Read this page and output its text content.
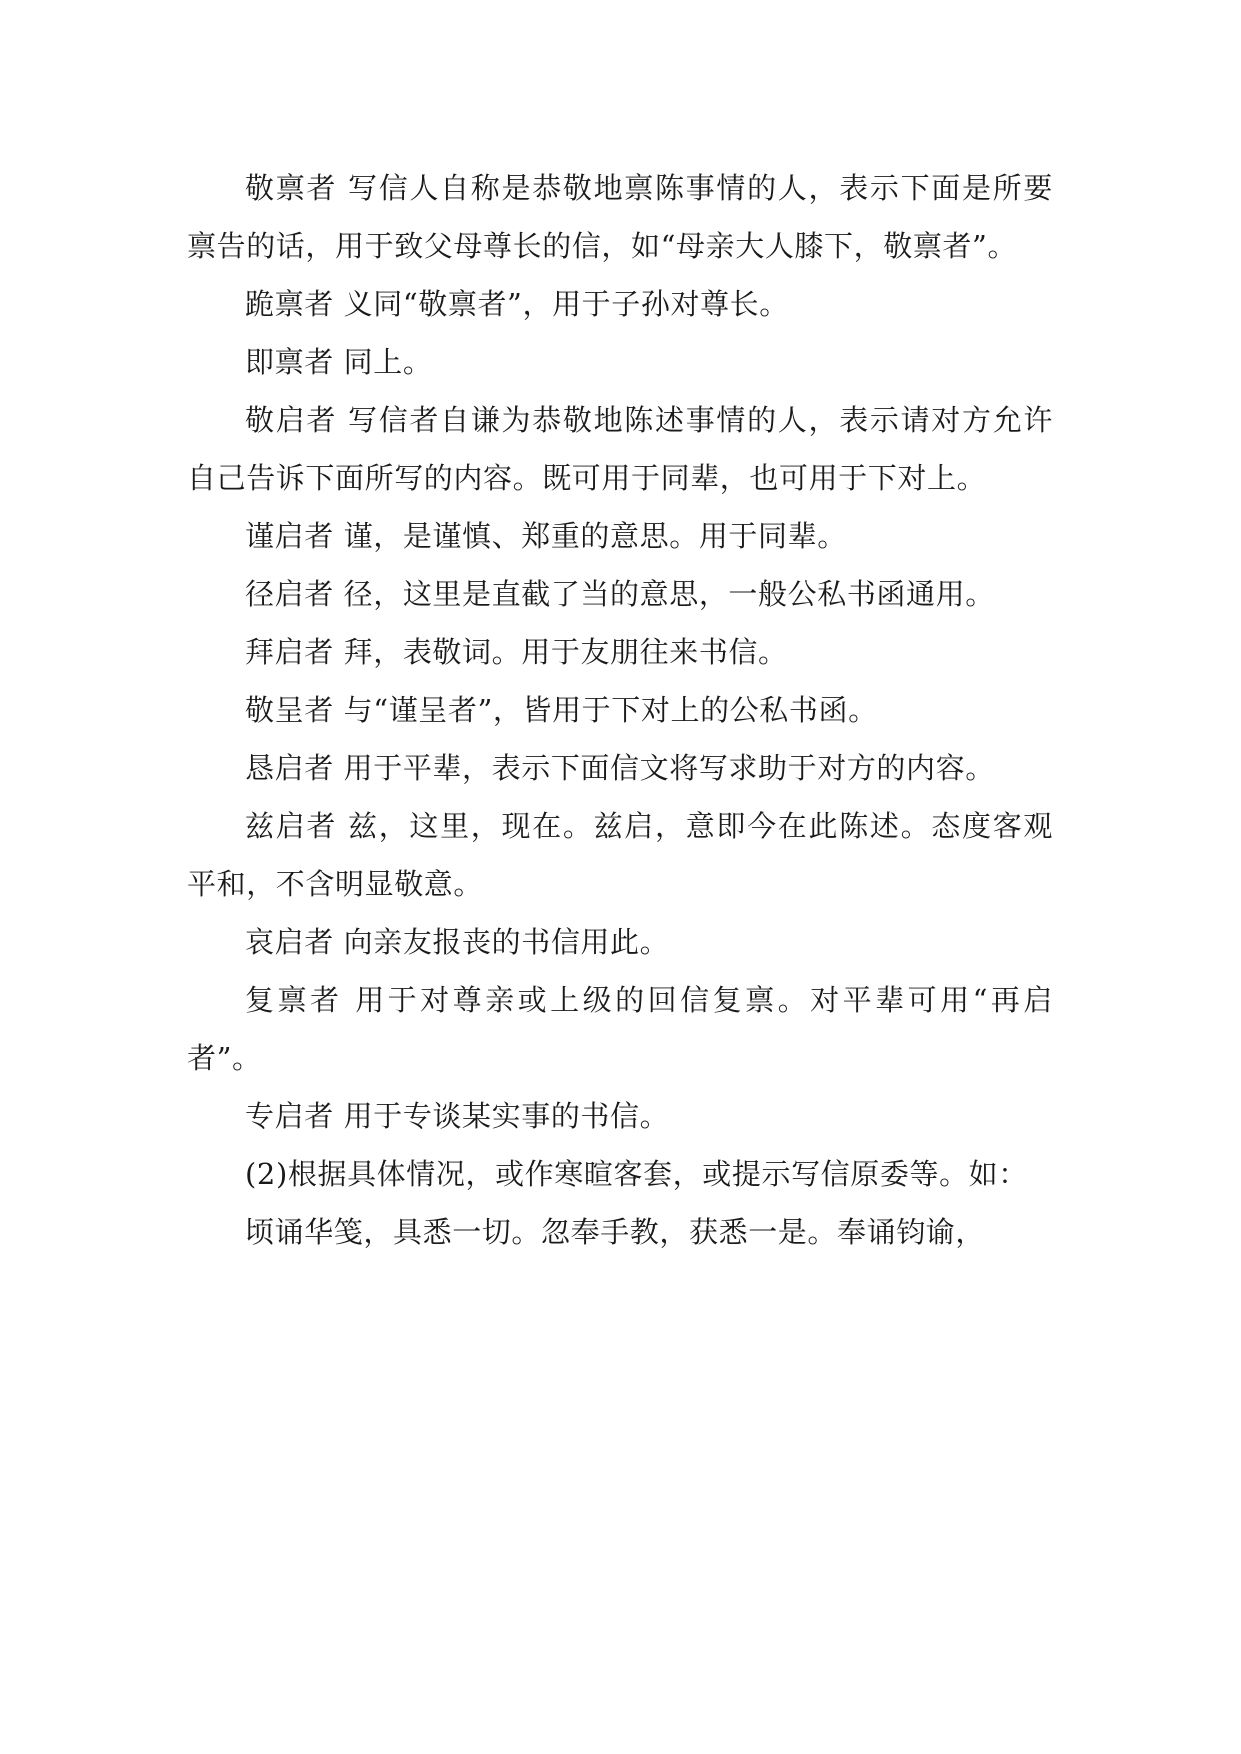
敬禀者 写信人自称是恭敬地禀陈事情的人，表示下面是所要禀告的话，用于致父母尊长的信，如“母亲大人膝下，敬禀者”。

跪禀者 义同“敬禀者”，用于子孙对尊长。

即禀者 同上。

敬启者 写信者自谦为恭敬地陈述事情的人，表示请对方允许自己告诉下面所写的内容。既可用于同辈，也可用于下对上。

谨启者 谨，是谨慎、郑重的意思。用于同辈。

径启者 径，这里是直截了当的意思，一般公私书函通用。

拜启者 拜，表敬词。用于友朋往来书信。

敬呈者 与“谨呈者”，皆用于下对上的公私书函。

恳启者 用于平辈，表示下面信文将写求助于对方的内容。

兹启者 兹，这里，现在。兹启，意即今在此陈述。态度客观平和，不含明显敬意。

哀启者 向亲友报丧的书信用此。

复禀者 用于对尊亲或上级的回信复禀。对平辈可用“再启者”。

专启者 用于专谈某实事的书信。

(2)根据具体情况，或作寒暄客套，或提示写信原委等。如：

顷诵华笺，具悉一切。忽奉手教，获悉一是。奉诵钧谕，
